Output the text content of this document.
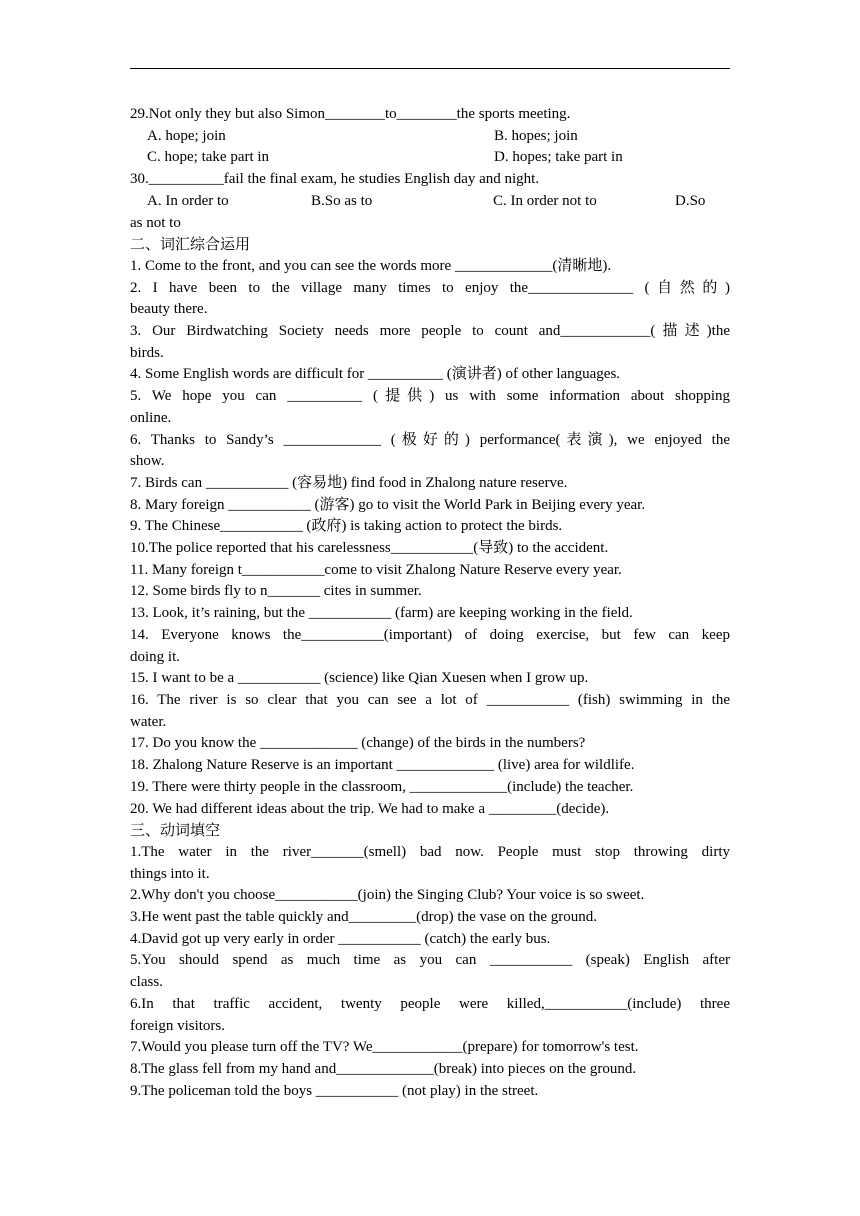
29.Not only they but also Simon________to________the sports meeting.
A. hope; join	B. hopes; join
C. hope; take part in	D. hopes; take part in
30.__________fail the final exam, he studies English day and night.
A. In order to	B.So as to	C. In order not to	D.So
as not to
二、词汇综合运用
1. Come to the front, and you can see the words more _____________(清晰地).
2. I have been to the village many times to enjoy the______________ (自然的)
beauty there.
3. Our Birdwatching Society needs more people to count and____________(描述)the
birds.
4. Some English words are difficult for __________ (演讲者) of other languages.
5. We hope you can __________ (提供) us with some information about shopping
online.
6. Thanks to Sandy’s _____________ (极好的) performance(表演), we enjoyed the
show.
7. Birds can ___________ (容易地) find food in Zhalong nature reserve.
8. Mary foreign ___________ (游客) go to visit the World Park in Beijing every year.
9. The Chinese___________ (政府) is taking action to protect the birds.
10.The police reported that his carelessness___________(导致) to the accident.
11. Many foreign t___________come to visit Zhalong Nature Reserve every year.
12. Some birds fly to n_______ cites in summer.
13. Look, it’s raining, but the ___________ (farm) are keeping working in the field.
14. Everyone knows the___________(important) of doing exercise, but few can keep
doing it.
15. I want to be a ___________ (science) like Qian Xuesen when I grow up.
16. The river is so clear that you can see a lot of ___________ (fish) swimming in the
water.
17. Do you know the _____________ (change) of the birds in the numbers?
18. Zhalong Nature Reserve is an important _____________ (live) area for wildlife.
19. There were thirty people in the classroom, _____________(include) the teacher.
20. We had different ideas about the trip. We had to make a _________(decide).
三、动词填空
1.The water in the river_______(smell) bad now. People must stop throwing dirty
things into it.
2.Why don't you choose___________(join) the Singing Club? Your voice is so sweet.
3.He went past the table quickly and_________(drop) the vase on the ground.
4.David got up very early in order ___________ (catch) the early bus.
5.You should spend as much time as you can ___________ (speak) English after
class.
6.In that traffic accident, twenty people were killed,___________(include) three
foreign visitors.
7.Would you please turn off the TV? We____________(prepare) for tomorrow's test.
8.The glass fell from my hand and_____________(break) into pieces on the ground.
9.The policeman told the boys ___________ (not play) in the street.
